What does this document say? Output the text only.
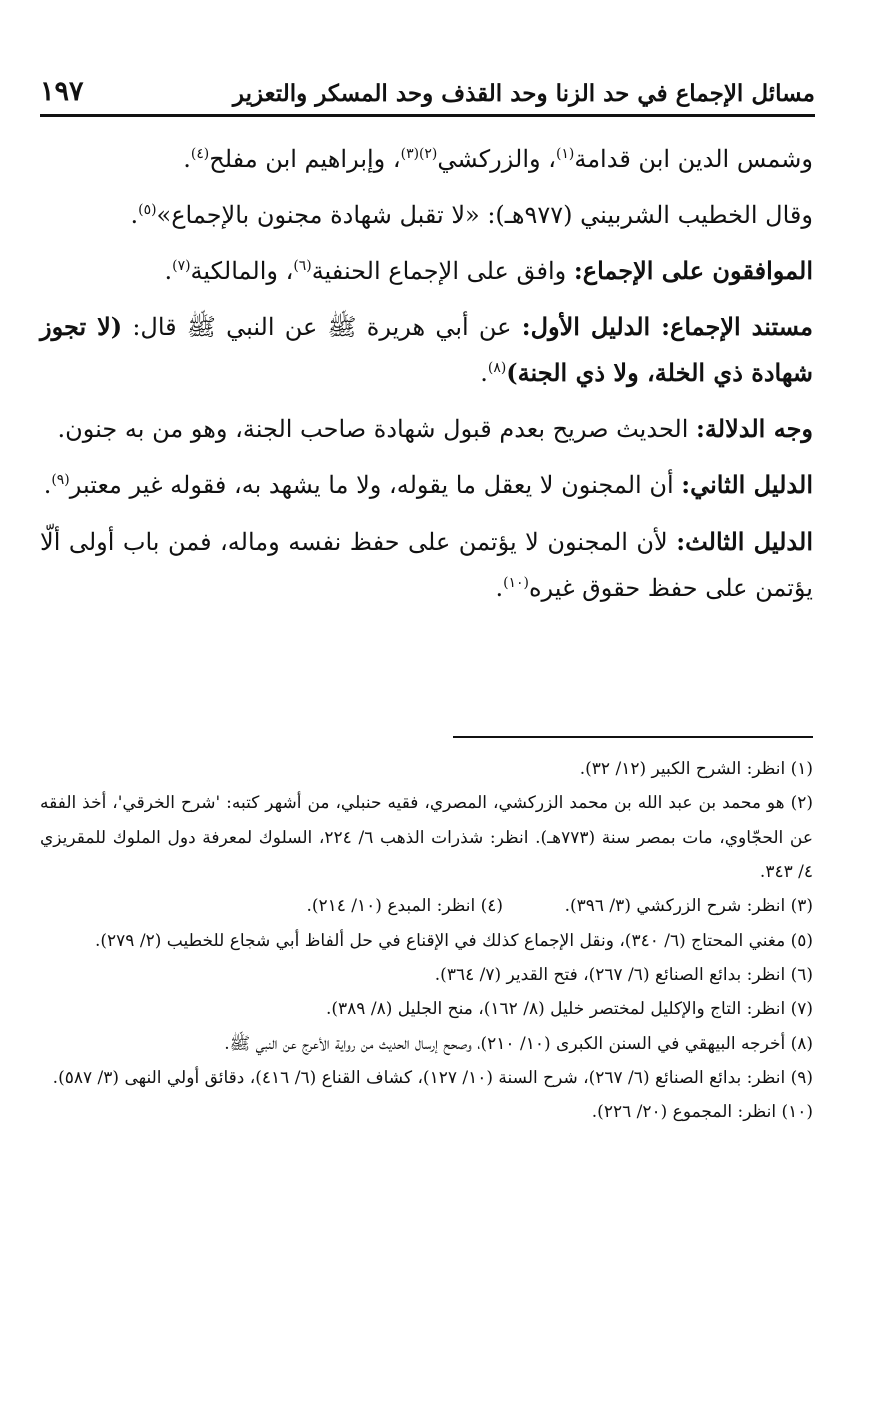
مسائل الإجماع في حد الزنا وحد القذف وحد المسكر والتعزير
١٩٧

وشمس الدين ابن قدامة$^{(١)}$، والزركشي$^{(٢)(٣)}$، وإبراهيم ابن مفلح$^{(٤)}$.

وقال الخطيب الشربيني (٩٧٧هـ): «لا تقبل شهادة مجنون بالإجماع»$^{(٥)}$.

الموافقون على الإجماع: وافق على الإجماع الحنفية$^{(٦)}$، والمالكية$^{(٧)}$.

مستند الإجماع: الدليل الأول: عن أبي هريرة ﷺ عن النبي ﷺ قال: (لا تجوز شهادة ذي الخلة، ولا ذي الجنة)$^{(٨)}$.

وجه الدلالة: الحديث صريح بعدم قبول شهادة صاحب الجنة، وهو من به جنون.

الدليل الثاني: أن المجنون لا يعقل ما يقوله، ولا ما يشهد به، فقوله غير معتبر$^{(٩)}$.

الدليل الثالث: لأن المجنون لا يؤتمن على حفظ نفسه وماله، فمن باب أولى ألّا يؤتمن على حفظ حقوق غيره$^{(١٠)}$.

(١) انظر: الشرح الكبير (١٢/ ٣٢).

(٢) هو محمد بن عبد الله بن محمد الزركشي، المصري، فقيه حنبلي، من أشهر كتبه: 'شرح الخرقي'، أخذ الفقه عن الحجّاوي، مات بمصر سنة (٧٧٣هـ). انظر: شذرات الذهب ٦/ ٢٢٤، السلوك لمعرفة دول الملوك للمقريزي ٤/ ٣٤٣.

(٣) انظر: شرح الزركشي (٣/ ٣٩٦).

(٤) انظر: المبدع (١٠/ ٢١٤).

(٥) مغني المحتاج (٦/ ٣٤٠)، ونقل الإجماع كذلك في الإقناع في حل ألفاظ أبي شجاع للخطيب (٢/ ٢٧٩).

(٦) انظر: بدائع الصنائع (٦/ ٢٦٧)، فتح القدير (٧/ ٣٦٤).

(٧) انظر: التاج والإكليل لمختصر خليل (٨/ ١٦٢)، منح الجليل (٨/ ٣٨٩).

(٨) أخرجه البيهقي في السنن الكبرى (١٠/ ٢١٠)، وصحح إرسال الحديث من رواية الأعرج عن النبي ﷺ.

(٩) انظر: بدائع الصنائع (٦/ ٢٦٧)، شرح السنة (١٠/ ١٢٧)، كشاف القناع (٦/ ٤١٦)، دقائق أولي النهى (٣/ ٥٨٧).

(١٠) انظر: المجموع (٢٠/ ٢٢٦).
